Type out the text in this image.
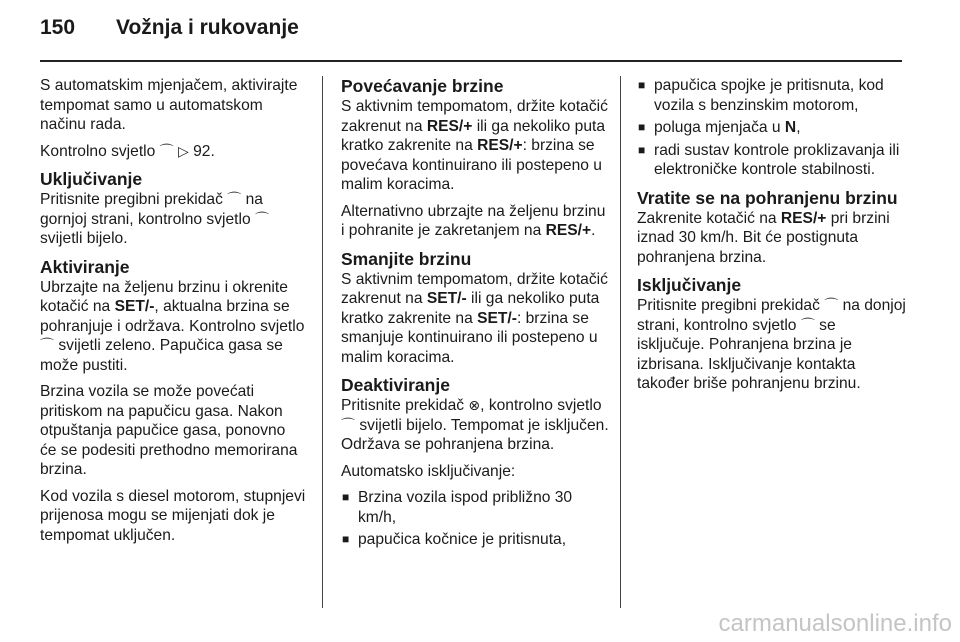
150 Vožnja i rukovanje

S automatskim mjenjačem, aktivirajte tempomat samo u automatskom načinu rada.

Kontrolno svjetlo ⌒ ▷ 92.

Uključivanje

Pritisnite pregibni prekidač ⌒ na gornjoj strani, kontrolno svjetlo ⌒ svijetli bijelo.

Aktiviranje

Ubrzajte na željenu brzinu i okrenite kotačić na SET/-, aktualna brzina se pohranjuje i održava. Kontrolno svjetlo ⌒ svijetli zeleno. Papučica gasa se može pustiti.

Brzina vozila se može povećati pritiskom na papučicu gasa. Nakon otpuštanja papučice gasa, ponovno će se podesiti prethodno memorirana brzina.

Kod vozila s diesel motorom, stupnjevi prijenosa mogu se mijenjati dok je tempomat uključen.

Povećavanje brzine

S aktivnim tempomatom, držite kotačić zakrenut na RES/+ ili ga nekoliko puta kratko zakrenite na RES/+: brzina se povećava kontinuirano ili postepeno u malim koracima.

Alternativno ubrzajte na željenu brzinu i pohranite je zakretanjem na RES/+.

Smanjite brzinu

S aktivnim tempomatom, držite kotačić zakrenut na SET/- ili ga nekoliko puta kratko zakrenite na SET/-: brzina se smanjuje kontinuirano ili postepeno u malim koracima.

Deaktiviranje

Pritisnite prekidač ⊗, kontrolno svjetlo ⌒ svijetli bijelo. Tempomat je isključen. Održava se pohranjena brzina.

Automatsko isključivanje:

■ Brzina vozila ispod približno 30 km/h,
■ papučica kočnice je pritisnuta,
■ papučica spojke je pritisnuta, kod vozila s benzinskim motorom,
■ poluga mjenjača u N,
■ radi sustav kontrole proklizavanja ili elektroničke kontrole stabilnosti.
Vratite se na pohranjenu brzinu

Zakrenite kotačić na RES/+ pri brzini iznad 30 km/h. Bit će postignuta pohranjena brzina.

Isključivanje

Pritisnite pregibni prekidač ⌒ na donjoj strani, kontrolno svjetlo ⌒ se isključuje. Pohranjena brzina je izbrisana. Isključivanje kontakta također briše pohranjenu brzinu.

carmanualsonline.info
